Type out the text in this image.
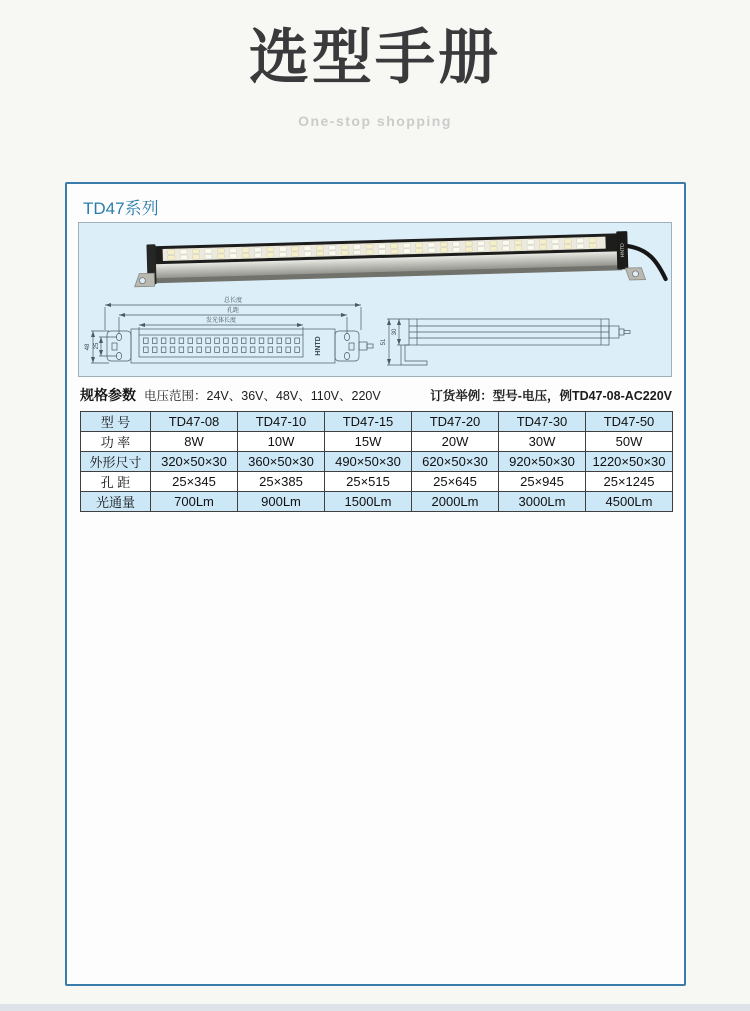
选型手册
One-stop shopping
TD47系列
HNTD
总长度
孔距
发光体长度
48 25	HNTD	51
30
规格参数 电压范围：24V、36V、48V、110V、220V	订货举例：型号-电压，例TD47-08-AC220V
型 号	TD47-08	TD47-10	TD47-15	TD47-20	TD47-30	TD47-50
功 率	8W	10W	15W	20W	30W	50W
外形尺寸	320×50×30	360×50×30	490×50×30	620×50×30	920×50×30	1220×50×30
孔 距	25×345	25×385	25×515	25×645	25×945	25×1245
光通量	700Lm	900Lm	1500Lm	2000Lm	3000Lm	4500Lm
